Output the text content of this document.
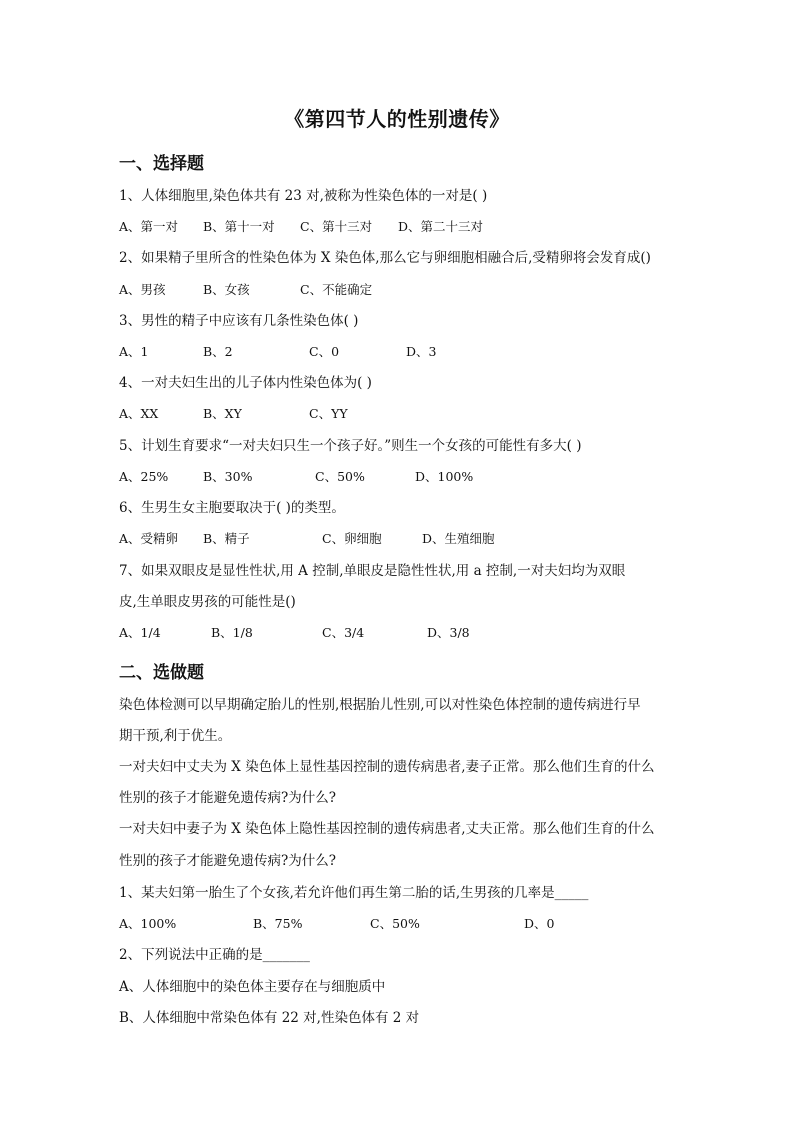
《第四节人的性别遗传》
一、选择题
1、人体细胞里,染色体共有 23 对,被称为性染色体的一对是( )
A、第一对 B、第十一对 C、第十三对 D、第二十三对
2、如果精子里所含的性染色体为 X 染色体,那么它与卵细胞相融合后,受精卵将会发育成()
A、男孩	B、女孩	C、不能确定
3、男性的精子中应该有几条性染色体( )
A、1	B、2	C、0	D、3
4、一对夫妇生出的儿子体内性染色体为( )
A、XX	B、XY	C、YY
5、计划生育要求“一对夫妇只生一个孩子好。”则生一个女孩的可能性有多大( )
A、25%	B、30%	C、50%	D、100%
6、生男生女主胞要取决于( )的类型。
A、受精卵 B、精子	C、卵细胞	D、生殖细胞
7、如果双眼皮是显性性状,用 A 控制,单眼皮是隐性性状,用 a 控制,一对夫妇均为双眼
皮,生单眼皮男孩的可能性是()
A、1/4	B、1/8	C、3/4	D、3/8
二、选做题
染色体检测可以早期确定胎儿的性别,根据胎儿性别,可以对性染色体控制的遗传病进行早
期干预,利于优生。
一对夫妇中丈夫为 X 染色体上显性基因控制的遗传病患者,妻子正常。那么他们生育的什么
性别的孩子才能避免遗传病?为什么?
一对夫妇中妻子为 X 染色体上隐性基因控制的遗传病患者,丈夫正常。那么他们生育的什么
性别的孩子才能避免遗传病?为什么?
1、某夫妇第一胎生了个女孩,若允许他们再生第二胎的话,生男孩的几率是_____
A、100%	B、75%	C、50%	D、0
2、下列说法中正确的是_______
A、人体细胞中的染色体主要存在与细胞质中
B、人体细胞中常染色体有 22 对,性染色体有 2 对
